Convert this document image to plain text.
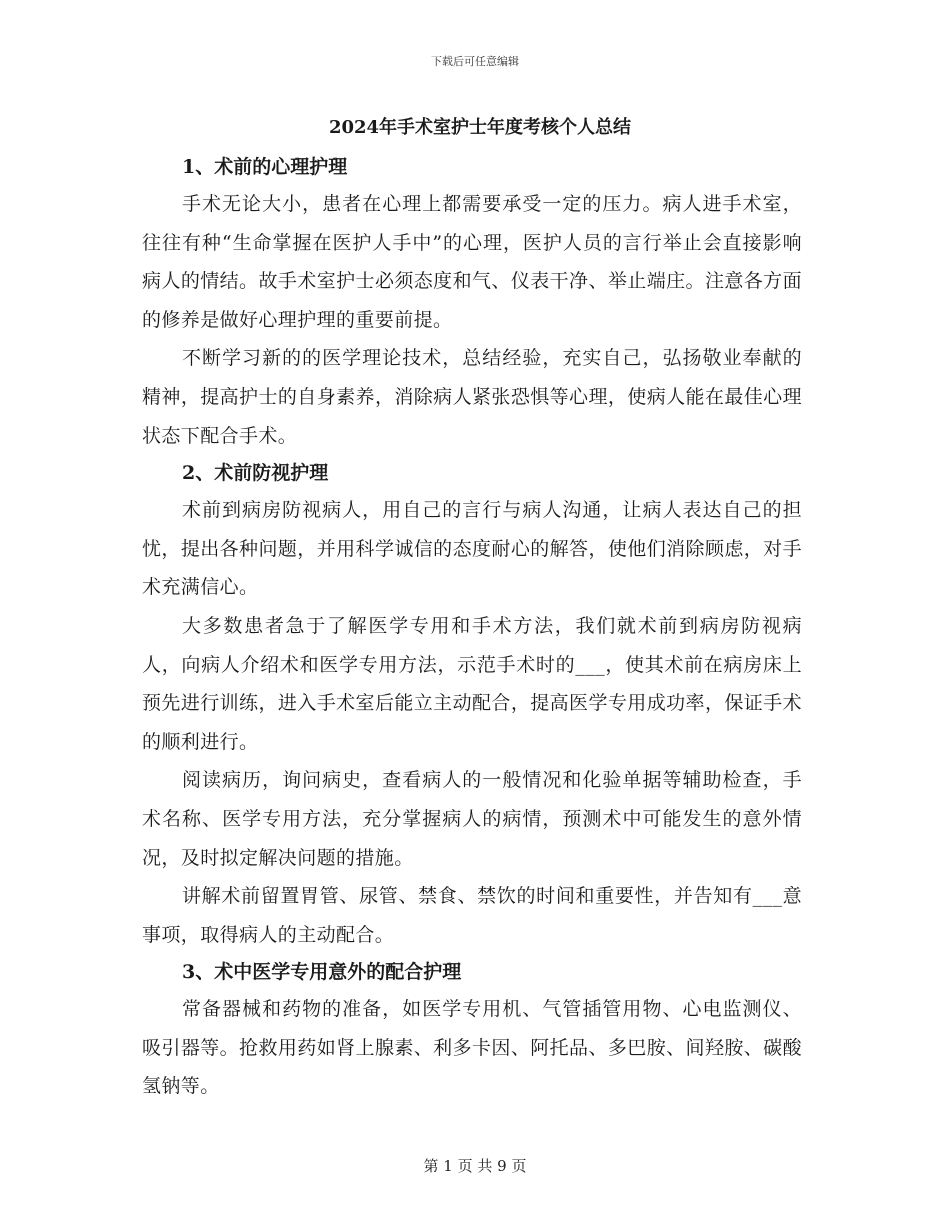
下载后可任意编辑
2024年手术室护士年度考核个人总结

1、术前的心理护理

手术无论大小，患者在心理上都需要承受一定的压力。病人进手术室，往往有种“生命掌握在医护人手中”的心理，医护人员的言行举止会直接影响病人的情结。故手术室护士必须态度和气、仪表干净、举止端庄。注意各方面的修养是做好心理护理的重要前提。

不断学习新的的医学理论技术，总结经验，充实自己，弘扬敬业奉献的精神，提高护士的自身素养，消除病人紧张恐惧等心理，使病人能在最佳心理状态下配合手术。

2、术前防视护理

术前到病房防视病人，用自己的言行与病人沟通，让病人表达自己的担忧，提出各种问题，并用科学诚信的态度耐心的解答，使他们消除顾虑，对手术充满信心。

大多数患者急于了解医学专用和手术方法，我们就术前到病房防视病人，向病人介绍术和医学专用方法，示范手术时的___，使其术前在病房床上预先进行训练，进入手术室后能立主动配合，提高医学专用成功率，保证手术的顺利进行。

阅读病历，询问病史，查看病人的一般情况和化验单据等辅助检查，手术名称、医学专用方法，充分掌握病人的病情，预测术中可能发生的意外情况，及时拟定解决问题的措施。

讲解术前留置胃管、尿管、禁食、禁饮的时间和重要性，并告知有___意事项，取得病人的主动配合。

3、术中医学专用意外的配合护理

常备器械和药物的准备，如医学专用机、气管插管用物、心电监测仪、吸引器等。抢救用药如肾上腺素、利多卡因、阿托品、多巴胺、间羟胺、碳酸氢钠等。

第 1 页 共 9 页
